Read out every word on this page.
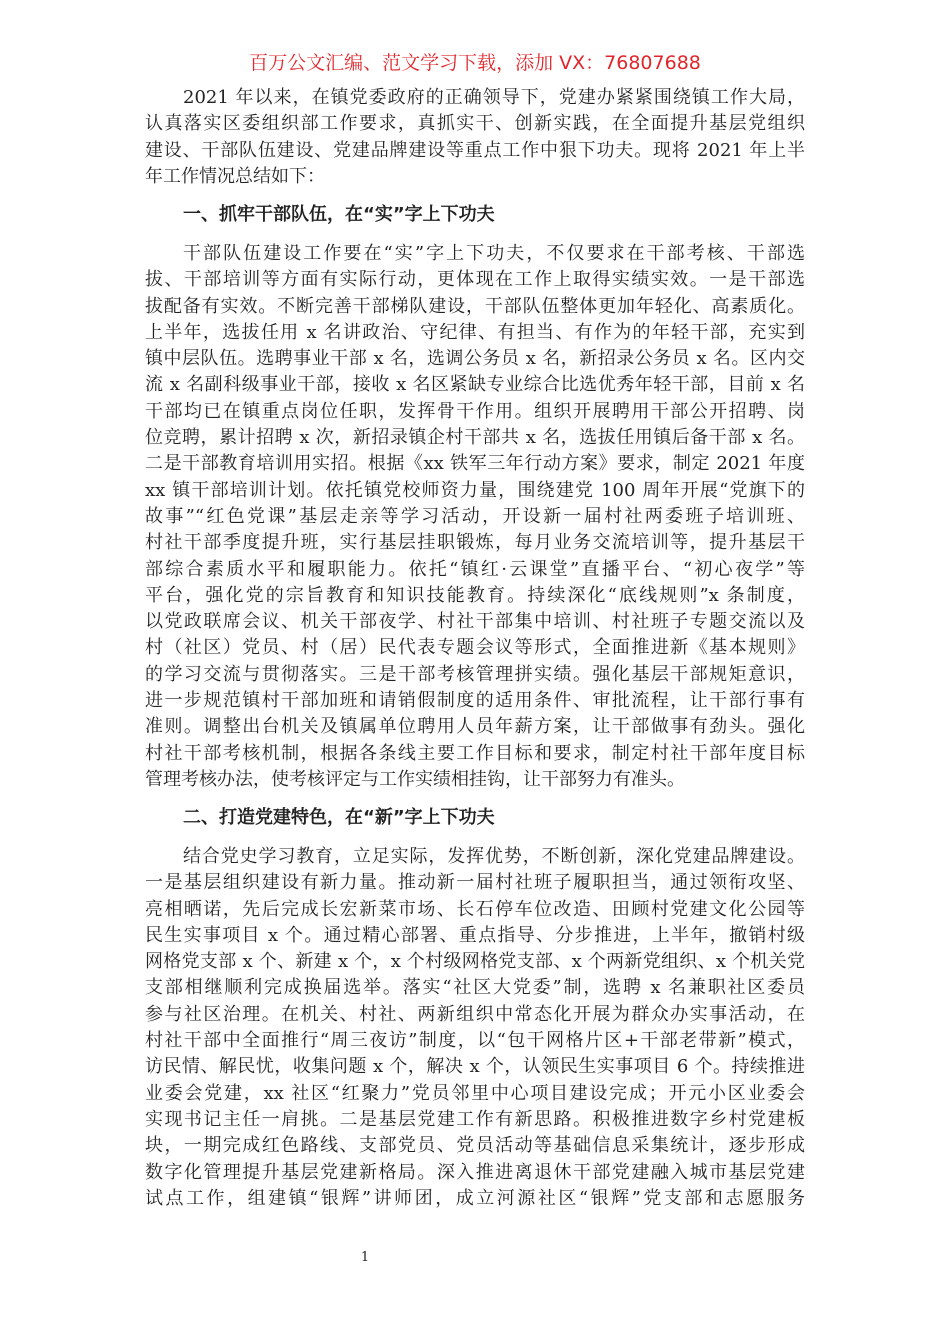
百万公文汇编、范文学习下载，添加 VX：76807688
2021 年以来，在镇党委政府的正确领导下，党建办紧紧围绕镇工作大局，
认真落实区委组织部工作要求，真抓实干、创新实践，在全面提升基层党组织
建设、干部队伍建设、党建品牌建设等重点工作中狠下功夫。现将 2021 年上半
年工作情况总结如下：
一、抓牢干部队伍，在“实”字上下功夫
干部队伍建设工作要在“实”字上下功夫，不仅要求在干部考核、干部选
拔、干部培训等方面有实际行动，更体现在工作上取得实绩实效。一是干部选
拔配备有实效。不断完善干部梯队建设，干部队伍整体更加年轻化、高素质化。
上半年，选拔任用 x 名讲政治、守纪律、有担当、有作为的年轻干部，充实到
镇中层队伍。选聘事业干部 x 名，选调公务员 x 名，新招录公务员 x 名。区内交
流 x 名副科级事业干部，接收 x 名区紧缺专业综合比选优秀年轻干部，目前 x 名
干部均已在镇重点岗位任职，发挥骨干作用。组织开展聘用干部公开招聘、岗
位竞聘，累计招聘 x 次，新招录镇企村干部共 x 名，选拔任用镇后备干部 x 名。
二是干部教育培训用实招。根据《xx 铁军三年行动方案》要求，制定 2021 年度
xx 镇干部培训计划。依托镇党校师资力量，围绕建党 100 周年开展“党旗下的
故事”“红色党课”基层走亲等学习活动，开设新一届村社两委班子培训班、
村社干部季度提升班，实行基层挂职锻炼，每月业务交流培训等，提升基层干
部综合素质水平和履职能力。依托“镇红·云课堂”直播平台、“初心夜学”等
平台，强化党的宗旨教育和知识技能教育。持续深化“底线规则”x 条制度，
以党政联席会议、机关干部夜学、村社干部集中培训、村社班子专题交流以及
村（社区）党员、村（居）民代表专题会议等形式，全面推进新《基本规则》
的学习交流与贯彻落实。三是干部考核管理拼实绩。强化基层干部规矩意识，
进一步规范镇村干部加班和请销假制度的适用条件、审批流程，让干部行事有
准则。调整出台机关及镇属单位聘用人员年薪方案，让干部做事有劲头。强化
村社干部考核机制，根据各条线主要工作目标和要求，制定村社干部年度目标
管理考核办法，使考核评定与工作实绩相挂钩，让干部努力有准头。
二、打造党建特色，在“新”字上下功夫
结合党史学习教育，立足实际，发挥优势，不断创新，深化党建品牌建设。
一是基层组织建设有新力量。推动新一届村社班子履职担当，通过领衔攻坚、
亮相晒诺，先后完成长宏新菜市场、长石停车位改造、田顾村党建文化公园等
民生实事项目 x 个。通过精心部署、重点指导、分步推进，上半年，撤销村级
网格党支部 x 个、新建 x 个，x 个村级网格党支部、x 个两新党组织、x 个机关党
支部相继顺利完成换届选举。落实“社区大党委”制，选聘 x 名兼职社区委员
参与社区治理。在机关、村社、两新组织中常态化开展为群众办实事活动，在
村社干部中全面推行“周三夜访”制度，以“包干网格片区+干部老带新”模式，
访民情、解民忧，收集问题 x 个，解决 x 个，认领民生实事项目 6 个。持续推进
业委会党建，xx 社区“红聚力”党员邻里中心项目建设完成；开元小区业委会
实现书记主任一肩挑。二是基层党建工作有新思路。积极推进数字乡村党建板
块，一期完成红色路线、支部党员、党员活动等基础信息采集统计，逐步形成
数字化管理提升基层党建新格局。深入推进离退休干部党建融入城市基层党建
试点工作，组建镇“银辉”讲师团，成立河源社区“银辉”党支部和志愿服务
1
